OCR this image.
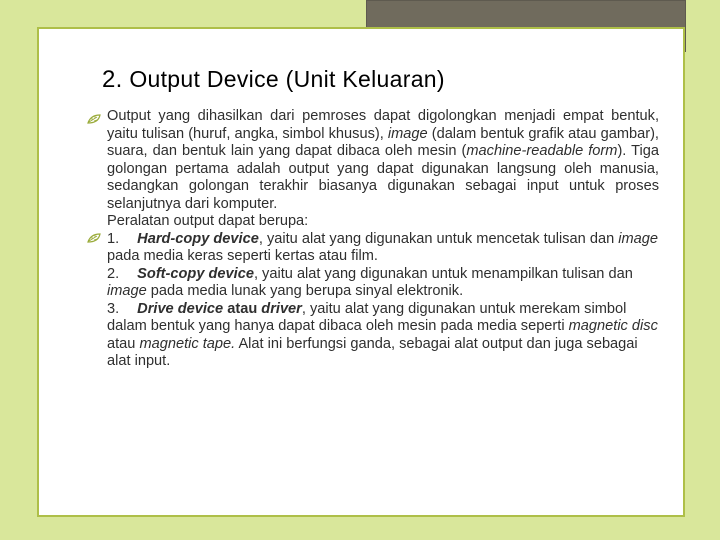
2. Output Device (Unit Keluaran)

Output yang dihasilkan dari pemroses dapat digolongkan menjadi empat bentuk, yaitu tulisan (huruf, angka, simbol khusus), image (dalam bentuk grafik atau gambar), suara, dan bentuk lain yang dapat dibaca oleh mesin (machine-readable form). Tiga golongan pertama adalah output yang dapat digunakan langsung oleh manusia, sedangkan golongan terakhir biasanya digunakan sebagai input untuk proses selanjutnya dari komputer.

Peralatan output dapat berupa:
1. Hard-copy device, yaitu alat yang digunakan untuk mencetak tulisan dan image pada media keras seperti kertas atau film.
2. Soft-copy device, yaitu alat yang digunakan untuk menampilkan tulisan dan image pada media lunak yang berupa sinyal elektronik.
3. Drive device atau driver, yaitu alat yang digunakan untuk merekam simbol dalam bentuk yang hanya dapat dibaca oleh mesin pada media seperti magnetic disc atau magnetic tape. Alat ini berfungsi ganda, sebagai alat output dan juga sebagai alat input.
